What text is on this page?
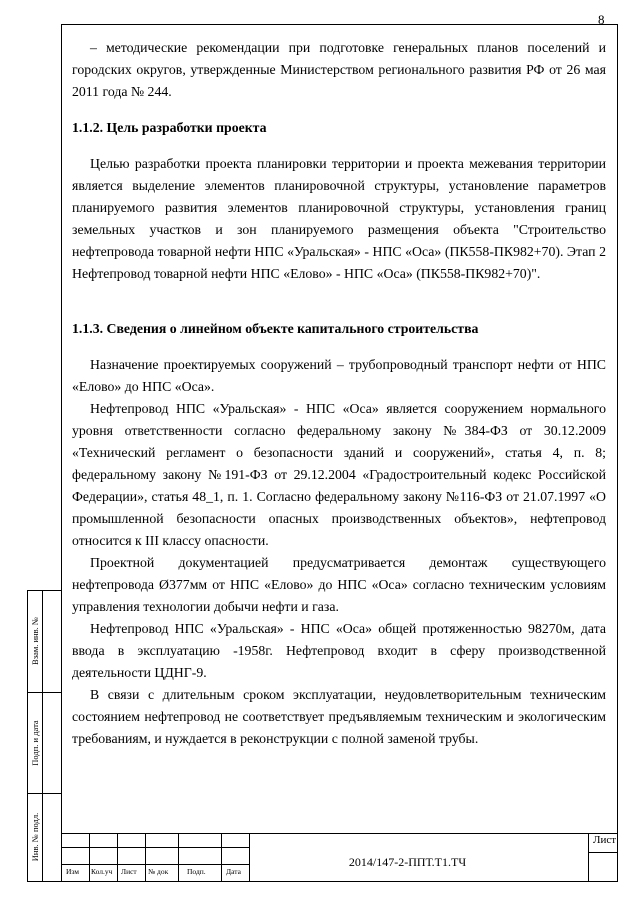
8
Взам. инв. №
Подп. и дата
Инв. № подл.
Изм Кол.уч Лист № док	Подп.	Дата
2014/147-2-ППТ.Т1.ТЧ
Лист

– методические рекомендации при подготовке генеральных планов поселений и городских округов, утвержденные Министерством регионального развития РФ от 26 мая 2011 года № 244.

1.1.2. Цель разработки проекта

Целью разработки проекта планировки территории и проекта межевания территории является выделение элементов планировочной структуры, установление параметров планируемого развития элементов планировочной структуры, установления границ земельных участков и зон планируемого размещения объекта "Строительство нефтепровода товарной нефти НПС «Уральская» - НПС «Оса» (ПК558-ПК982+70). Этап 2 Нефтепровод товарной нефти НПС «Елово» - НПС «Оса» (ПК558-ПК982+70)".

1.1.3. Сведения о линейном объекте капитального строительства

Назначение проектируемых сооружений – трубопроводный транспорт нефти от НПС «Елово» до НПС «Оса».

Нефтепровод НПС «Уральская» - НПС «Оса» является сооружением нормального уровня ответственности согласно федеральному закону №384-ФЗ от 30.12.2009 «Технический регламент о безопасности зданий и сооружений», статья 4, п. 8; федеральному закону №191-ФЗ от 29.12.2004 «Градостроительный кодекс Российской Федерации», статья 48_1, п. 1. Согласно федеральному закону №116-ФЗ от 21.07.1997 «О промышленной безопасности опасных производственных объектов», нефтепровод относится к III классу опасности.

Проектной документацией предусматривается демонтаж существующего нефтепровода Ø377мм от НПС «Елово» до НПС «Оса» согласно техническим условиям управления технологии добычи нефти и газа.

Нефтепровод НПС «Уральская» - НПС «Оса» общей протяженностью 98270м, дата ввода в эксплуатацию -1958г. Нефтепровод входит в сферу производственной деятельности ЦДНГ-9.

В связи с длительным сроком эксплуатации, неудовлетворительным техническим состоянием нефтепровод не соответствует предъявляемым техническим и экологическим требованиям, и нуждается в реконструкции с полной заменой трубы.
